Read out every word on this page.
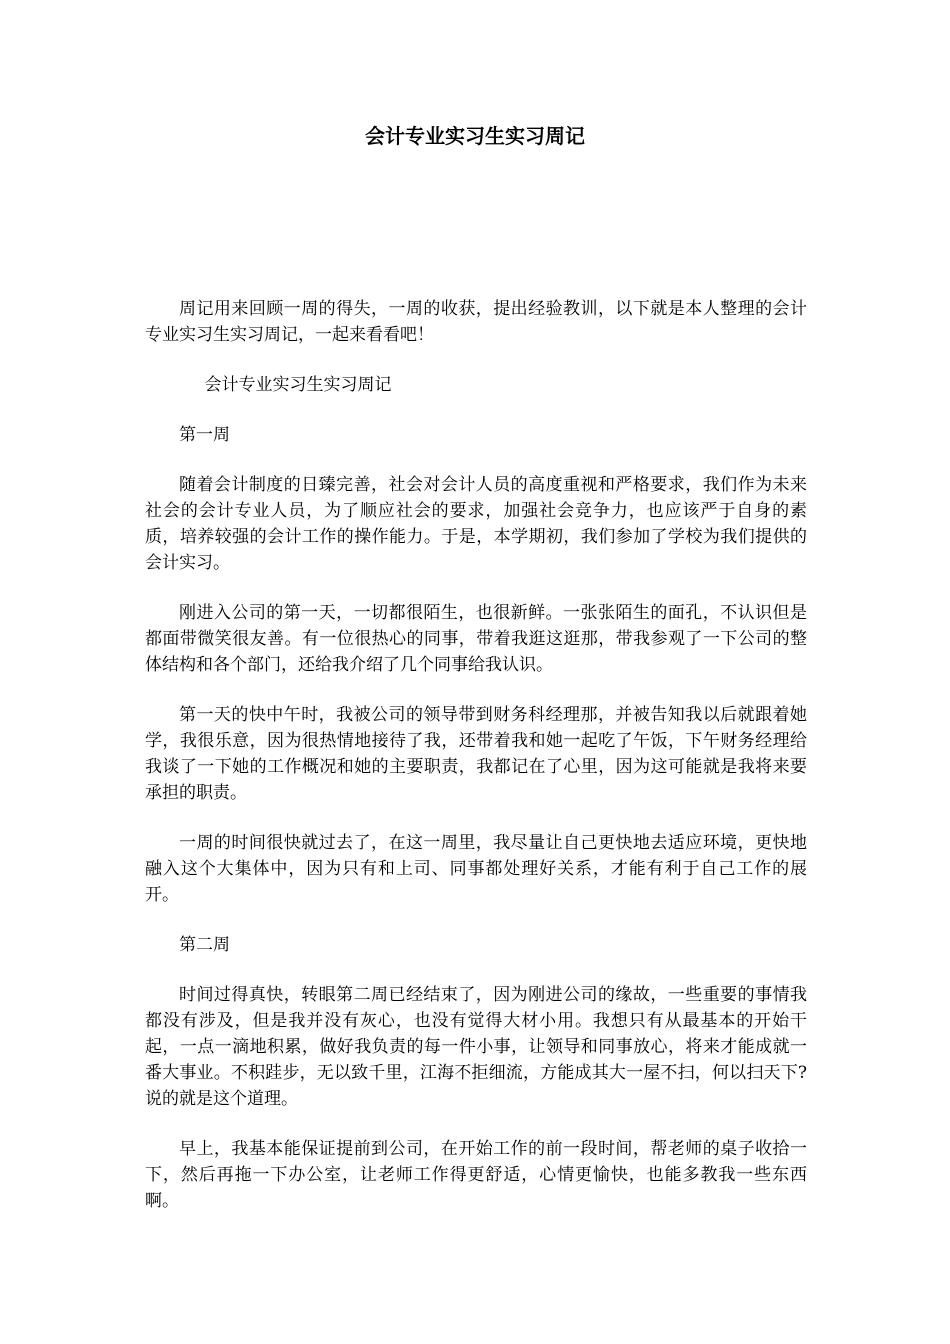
会计专业实习生实习周记

周记用来回顾一周的得失，一周的收获，提出经验教训，以下就是本人整理的会计专业实习生实习周记，一起来看看吧！

会计专业实习生实习周记

第一周

随着会计制度的日臻完善，社会对会计人员的高度重视和严格要求，我们作为未来社会的会计专业人员，为了顺应社会的要求，加强社会竞争力，也应该严于自身的素质，培养较强的会计工作的操作能力。于是，本学期初，我们参加了学校为我们提供的会计实习。

刚进入公司的第一天，一切都很陌生，也很新鲜。一张张陌生的面孔，不认识但是都面带微笑很友善。有一位很热心的同事，带着我逛这逛那，带我参观了一下公司的整体结构和各个部门，还给我介绍了几个同事给我认识。

第一天的快中午时，我被公司的领导带到财务科经理那，并被告知我以后就跟着她学，我很乐意，因为很热情地接待了我，还带着我和她一起吃了午饭，下午财务经理给我谈了一下她的工作概况和她的主要职责，我都记在了心里，因为这可能就是我将来要承担的职责。

一周的时间很快就过去了，在这一周里，我尽量让自己更快地去适应环境，更快地融入这个大集体中，因为只有和上司、同事都处理好关系，才能有利于自己工作的展开。

第二周

时间过得真快，转眼第二周已经结束了，因为刚进公司的缘故，一些重要的事情我都没有涉及，但是我并没有灰心，也没有觉得大材小用。我想只有从最基本的开始干起，一点一滴地积累，做好我负责的每一件小事，让领导和同事放心，将来才能成就一番大事业。不积跬步，无以致千里，江海不拒细流，方能成其大一屋不扫，何以扫天下?说的就是这个道理。

早上，我基本能保证提前到公司，在开始工作的前一段时间，帮老师的桌子收拾一下，然后再拖一下办公室，让老师工作得更舒适，心情更愉快，也能多教我一些东西啊。
